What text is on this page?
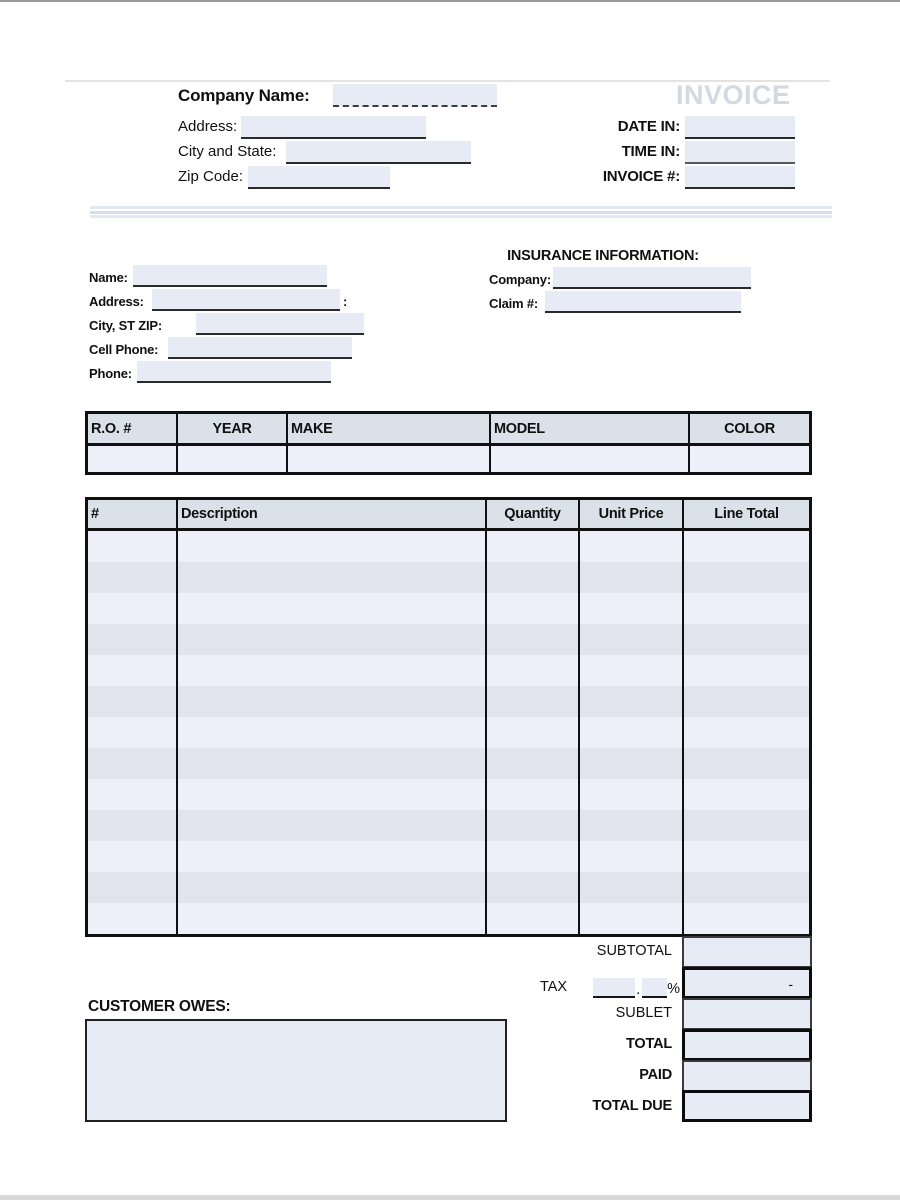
INVOICE
Company Name:
Address:
City and State:
Zip Code:
DATE IN:
TIME IN:
INVOICE #:
Name:
Address:	:
City, ST ZIP:
Cell Phone:
Phone:
INSURANCE INFORMATION:
Company:
Claim #:
R.O. #	YEAR	MAKE	MODEL	COLOR
#	Description	Quantity	Unit Price	Line Total
SUBTOTAL
TAX	. %	-
SUBLET
TOTAL
PAID
TOTAL DUE
CUSTOMER OWES:
